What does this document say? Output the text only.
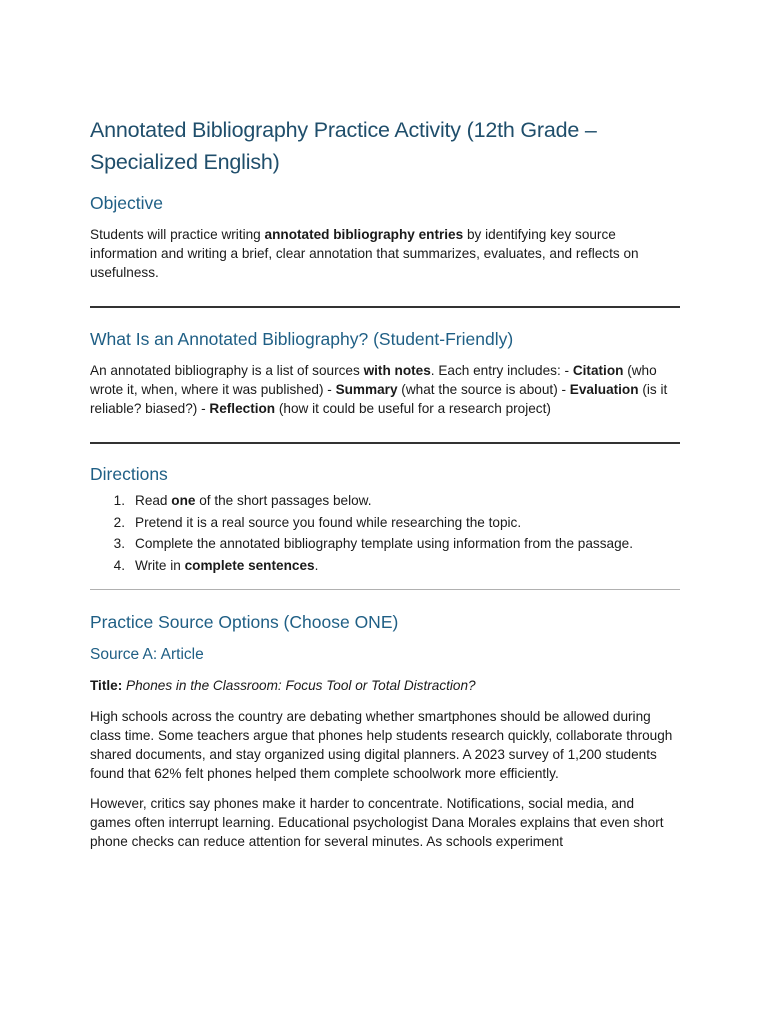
Annotated Bibliography Practice Activity (12th Grade – Specialized English)
Objective

Students will practice writing annotated bibliography entries by identifying key source information and writing a brief, clear annotation that summarizes, evaluates, and reflects on usefulness.

What Is an Annotated Bibliography? (Student-Friendly)

An annotated bibliography is a list of sources with notes. Each entry includes: - Citation (who wrote it, when, where it was published) - Summary (what the source is about) - Evaluation (is it reliable? biased?) - Reflection (how it could be useful for a research project)

Directions
1. Read one of the short passages below.
2. Pretend it is a real source you found while researching the topic.
3. Complete the annotated bibliography template using information from the passage.
4. Write in complete sentences.
Practice Source Options (Choose ONE)
Source A: Article

Title: Phones in the Classroom: Focus Tool or Total Distraction?

High schools across the country are debating whether smartphones should be allowed during class time. Some teachers argue that phones help students research quickly, collaborate through shared documents, and stay organized using digital planners. A 2023 survey of 1,200 students found that 62% felt phones helped them complete schoolwork more efficiently.

However, critics say phones make it harder to concentrate. Notifications, social media, and games often interrupt learning. Educational psychologist Dana Morales explains that even short phone checks can reduce attention for several minutes. As schools experiment
